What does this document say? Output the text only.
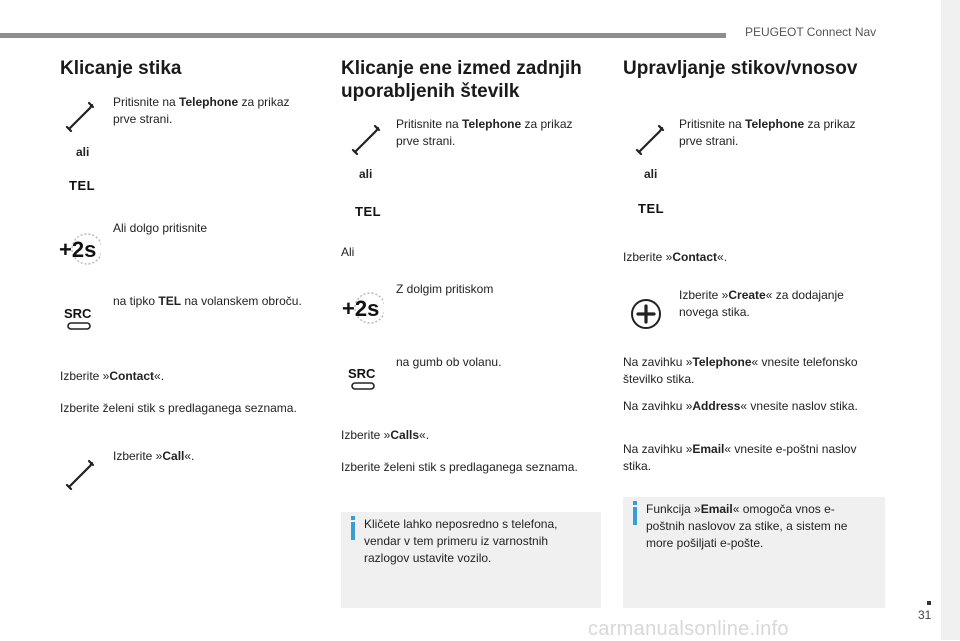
PEUGEOT Connect Nav
31
Klicanje stika
ali
TEL

Pritisnite na Telephone za prikaz prve strani.

+2s

Ali dolgo pritisnite

SRC

na tipko TEL na volanskem obroču.

Izberite »Contact«.

Izberite želeni stik s predlaganega seznama.

Izberite »Call«.

Klicanje ene izmed zadnjih
uporabljenih številk
ali
TEL

Pritisnite na Telephone za prikaz prve strani.

Ali

+2s

Z dolgim pritiskom

SRC

na gumb ob volanu.

Izberite »Calls«.

Izberite želeni stik s predlaganega seznama.

Kličete lahko neposredno s telefona, vendar v tem primeru iz varnostnih razlogov ustavite vozilo.

Upravljanje stikov/vnosov
ali
TEL

Pritisnite na Telephone za prikaz prve strani.

Izberite »Contact«.

Izberite »Create« za dodajanje novega stika.

Na zavihku »Telephone« vnesite telefonsko številko stika.

Na zavihku »Address« vnesite naslov stika.

Na zavihku »Email« vnesite e-poštni naslov stika.

Funkcija »Email« omogoča vnos e-poštnih naslovov za stike, a sistem ne more pošiljati e-pošte.

carmanualsonline.info
